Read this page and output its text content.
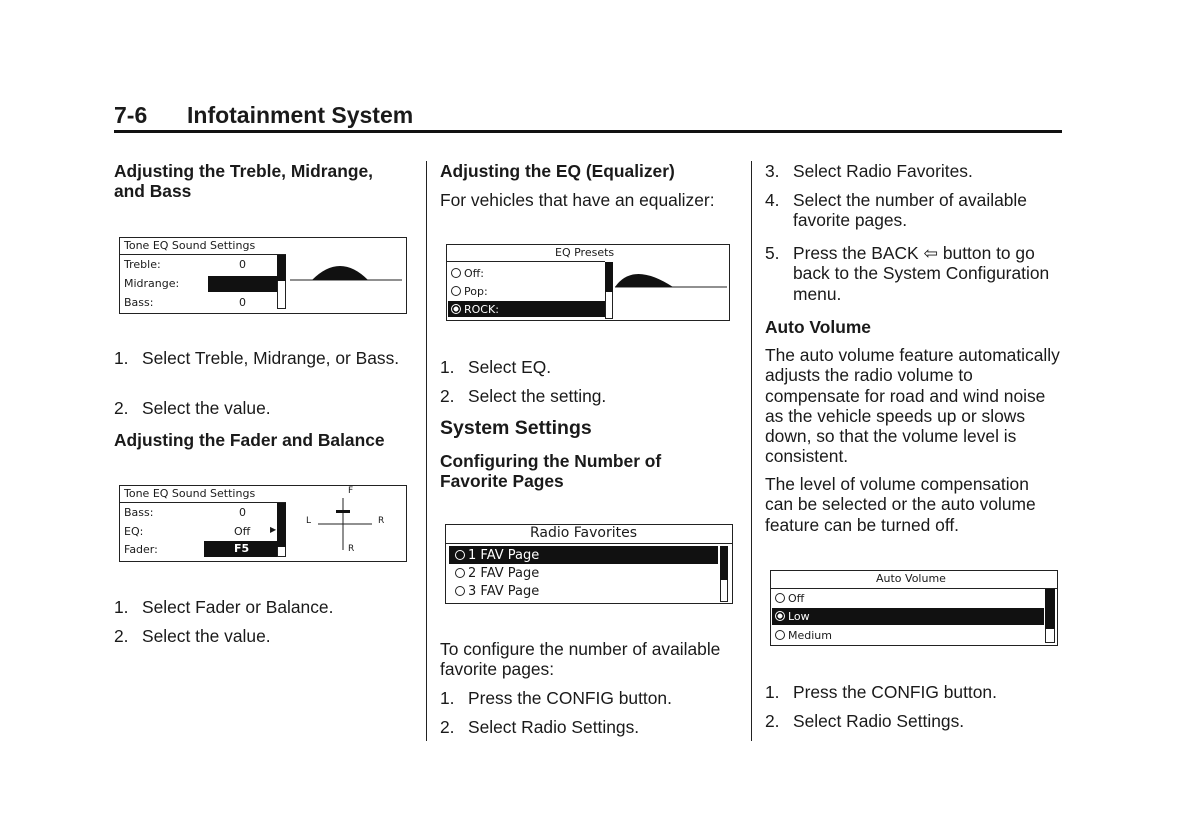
7-6 Infotainment System

Adjusting the Treble, Midrange, and Bass

Tone EQ Sound Settings
Treble:	0
Midrange:
Bass:	0

1. Select Treble, Midrange, or Bass.

2. Select the value.

Adjusting the Fader and Balance

Tone EQ Sound Settings
Bass:	0
EQ:	Off ▶
Fader:	F5
F
L	R
R

1. Select Fader or Balance.

2. Select the value.

Adjusting the EQ (Equalizer)

For vehicles that have an equalizer:

EQ Presets
Off:
Pop:
ROCK:

1. Select EQ.

2. Select the setting.

System Settings

Configuring the Number of Favorite Pages

Radio Favorites
1 FAV Page
2 FAV Page
3 FAV Page

To configure the number of available favorite pages:

1. Press the CONFIG button.

2. Select Radio Settings.

3. Select Radio Favorites.

4. Select the number of available favorite pages.

5. Press the BACK ⇦ button to go back to the System Configuration menu.

Auto Volume

The auto volume feature automatically adjusts the radio volume to compensate for road and wind noise as the vehicle speeds up or slows down, so that the volume level is consistent.

The level of volume compensation can be selected or the auto volume feature can be turned off.

Auto Volume
Off
Low
Medium

1. Press the CONFIG button.

2. Select Radio Settings.
